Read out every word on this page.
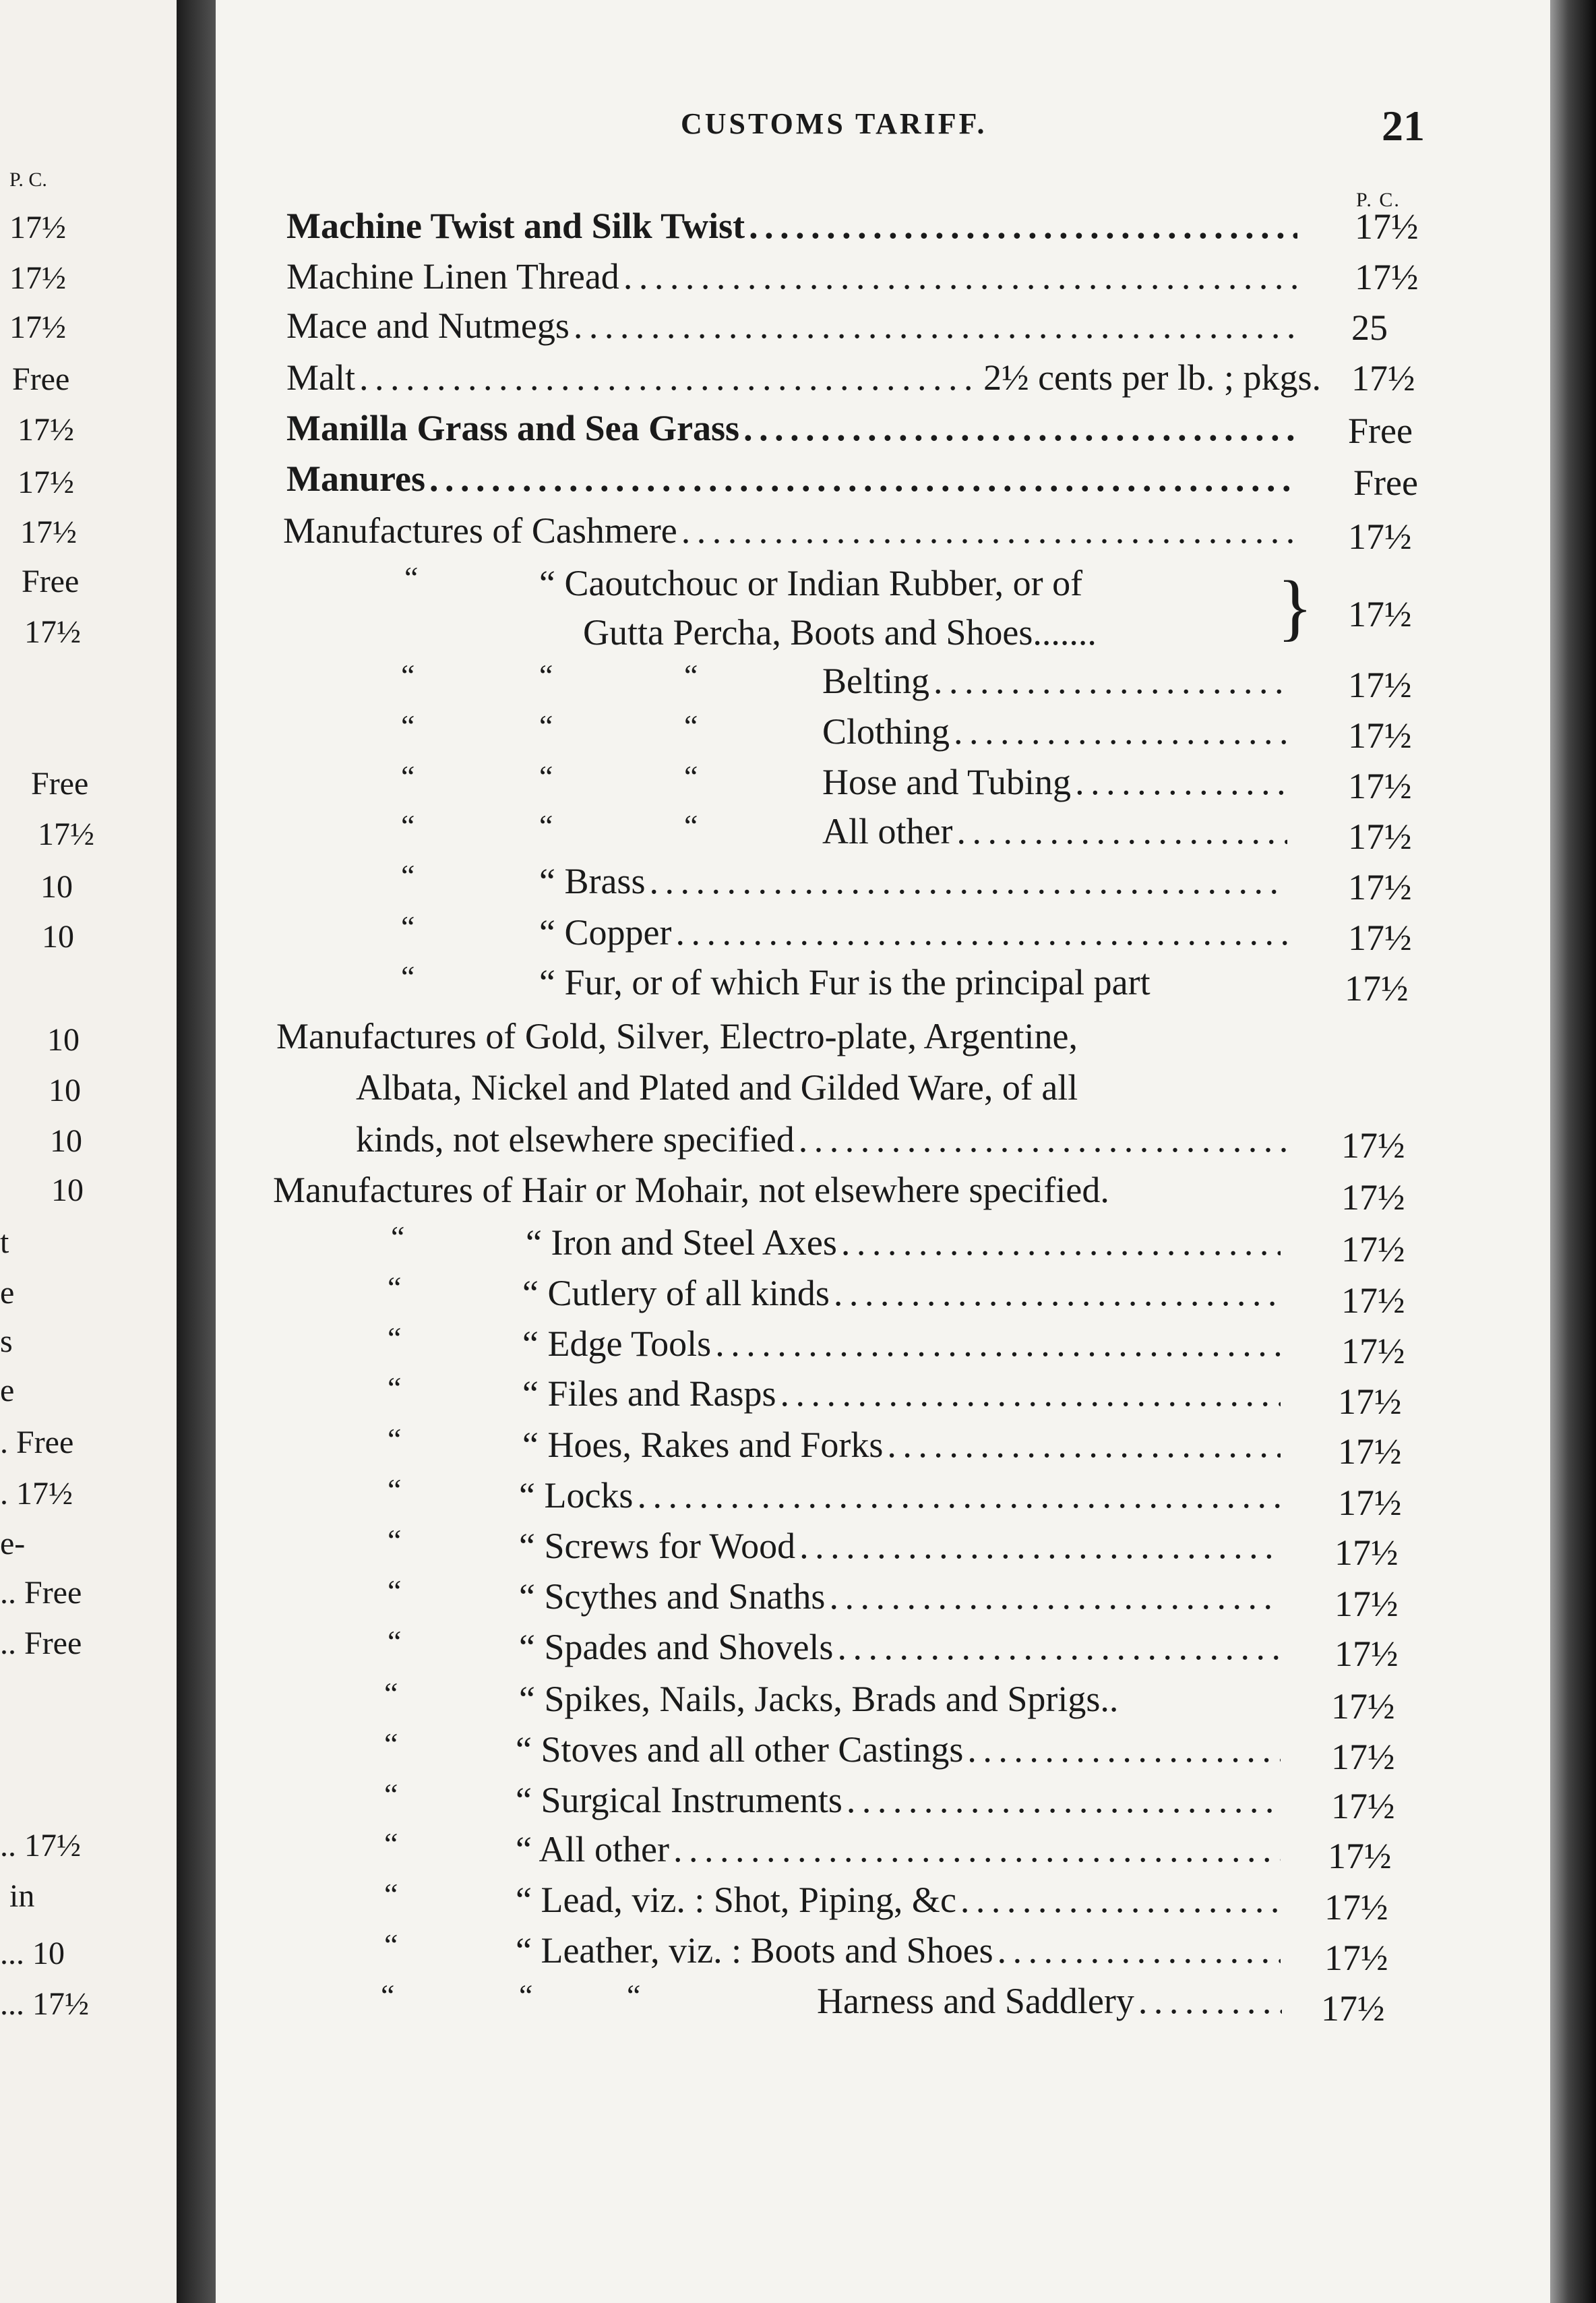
P. C.
17½
17½
17½
Free
17½
17½
17½
Free
17½
Free
17½
10
10
10
10
10
10
t
e
s
e
. Free
. 17½
e-
.. Free
.. Free
.. 17½
in
... 10
... 17½
CUSTOMS TARIFF.	21
P. C.
Machine Twist and Silk Twist . . .	17½
Machine Linen Thread . . .	17½
Mace and Nutmegs . . .	25
Malt . . .	2½ cents per lb. ; pkgs. 17½
Manilla Grass and Sea Grass . . .	Free
Manures . . .	Free
Manufactures of Cashmere . . .	17½
“	“ Caoutchouc or Indian Rubber, or of
Gutta Percha, Boots and Shoes....... } 17½
“	“	“	Belting . . .	17½
“	“	“	Clothing . . .	17½
“	“	“	Hose and Tubing . . .	17½
“	“	“	All other . . .	17½
“	“ Brass . . .	17½
“	“ Copper . . .	17½
“	“ Fur, or of which Fur is the principal part	17½
Manufactures of Gold, Silver, Electro-plate, Argentine,
Albata, Nickel and Plated and Gilded Ware, of all
kinds, not elsewhere specified . . .	17½
Manufactures of Hair or Mohair, not elsewhere specified.	17½
“	“ Iron and Steel Axes . . .	17½
“	“ Cutlery of all kinds . . .	17½
“	“ Edge Tools . . .	17½
“	“ Files and Rasps . . .	17½
“	“ Hoes, Rakes and Forks . . .	17½
“	“ Locks . . .	17½
“	“ Screws for Wood . . .	17½
“	“ Scythes and Snaths . . .	17½
“	“ Spades and Shovels . . .	17½
“	“ Spikes, Nails, Jacks, Brads and Sprigs..	17½
“	“ Stoves and all other Castings . . .	17½
“	“ Surgical Instruments . . .	17½
“	“ All other . . .	17½
“	“ Lead, viz. : Shot, Piping, &c . . .	17½
“	“ Leather, viz. : Boots and Shoes . . .	17½
“	“	“	Harness and Saddlery . . .	17½
